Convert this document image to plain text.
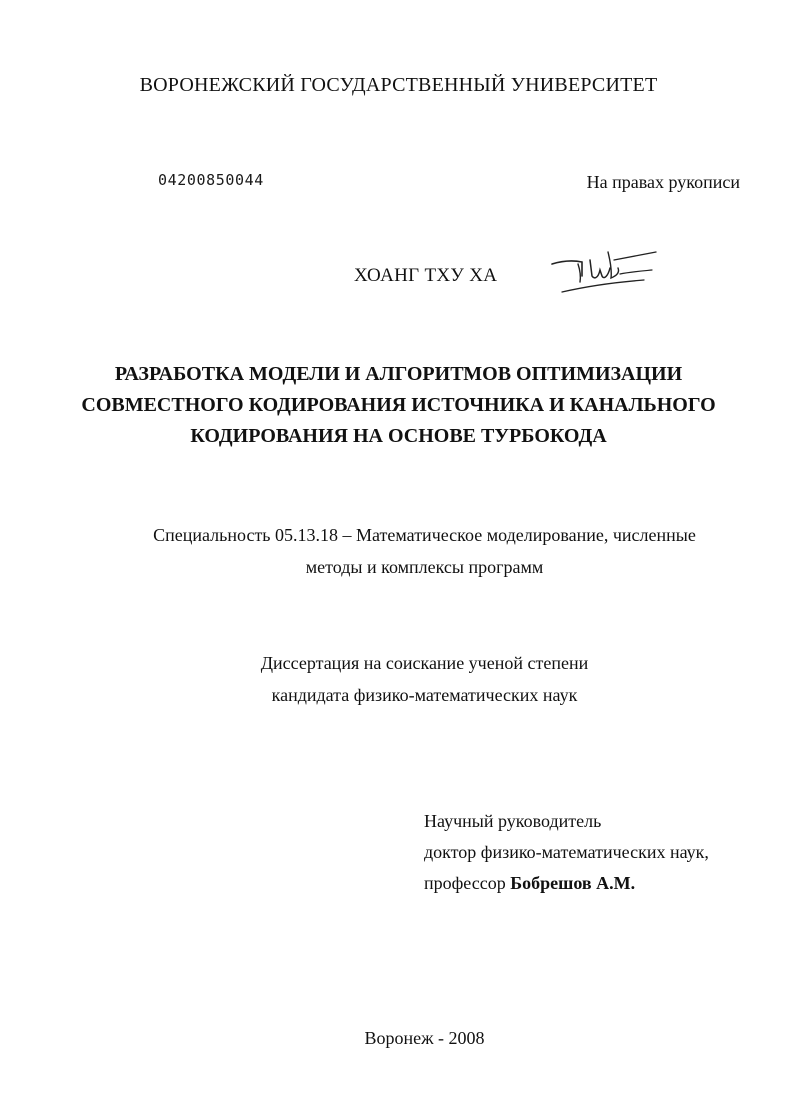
ВОРОНЕЖСКИЙ ГОСУДАРСТВЕННЫЙ УНИВЕРСИТЕТ
04200850044	На правах рукописи
ХОАНГ ТХУ ХА
РАЗРАБОТКА МОДЕЛИ И АЛГОРИТМОВ ОПТИМИЗАЦИИ
СОВМЕСТНОГО КОДИРОВАНИЯ ИСТОЧНИКА И КАНАЛЬНОГО
КОДИРОВАНИЯ НА ОСНОВЕ ТУРБОКОДА
Специальность 05.13.18 – Математическое моделирование, численные
методы и комплексы программ
Диссертация на соискание ученой степени
кандидата физико-математических наук
Научный руководитель
доктор физико-математических наук,
профессор Бобрешов А.М.
Воронеж - 2008
